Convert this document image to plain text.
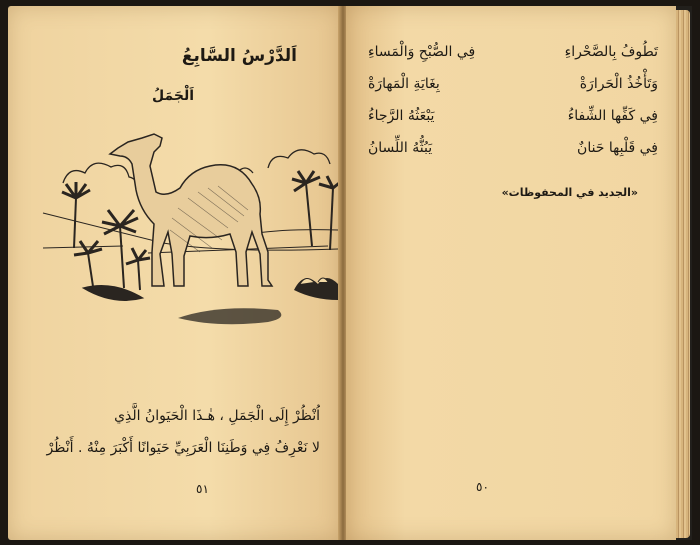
اَلدَّرْسُ السَّابِعُ
اَلْجَمَلُ
اُنْظُرْ إِلَى الْجَمَلِ ، هٰـذَا الْحَيَوانُ الَّذِي
لا نَعْرِفُ فِي وَطَنِنَا الْعَرَبِيِّ حَيَوانًا أَكْبَرَ مِنْهُ . أَنْظُرْ
٥١
تَطُوفُ بِالصَّحْراءِ
فِي الصُّبْحِ وَالْمَساءِ
وَتَأْخُذُ الْحَرارَةْ
بِغَايَةِ الْمَهارَةْ
فِي كَفِّها الشِّفاءُ
يَبْعَثُهُ الرَّجاءُ
فِي قَلْبِها حَنانٌ
يَبُثُّهُ اللِّسانُ
«الجديد في المحفوظات»
٥٠
